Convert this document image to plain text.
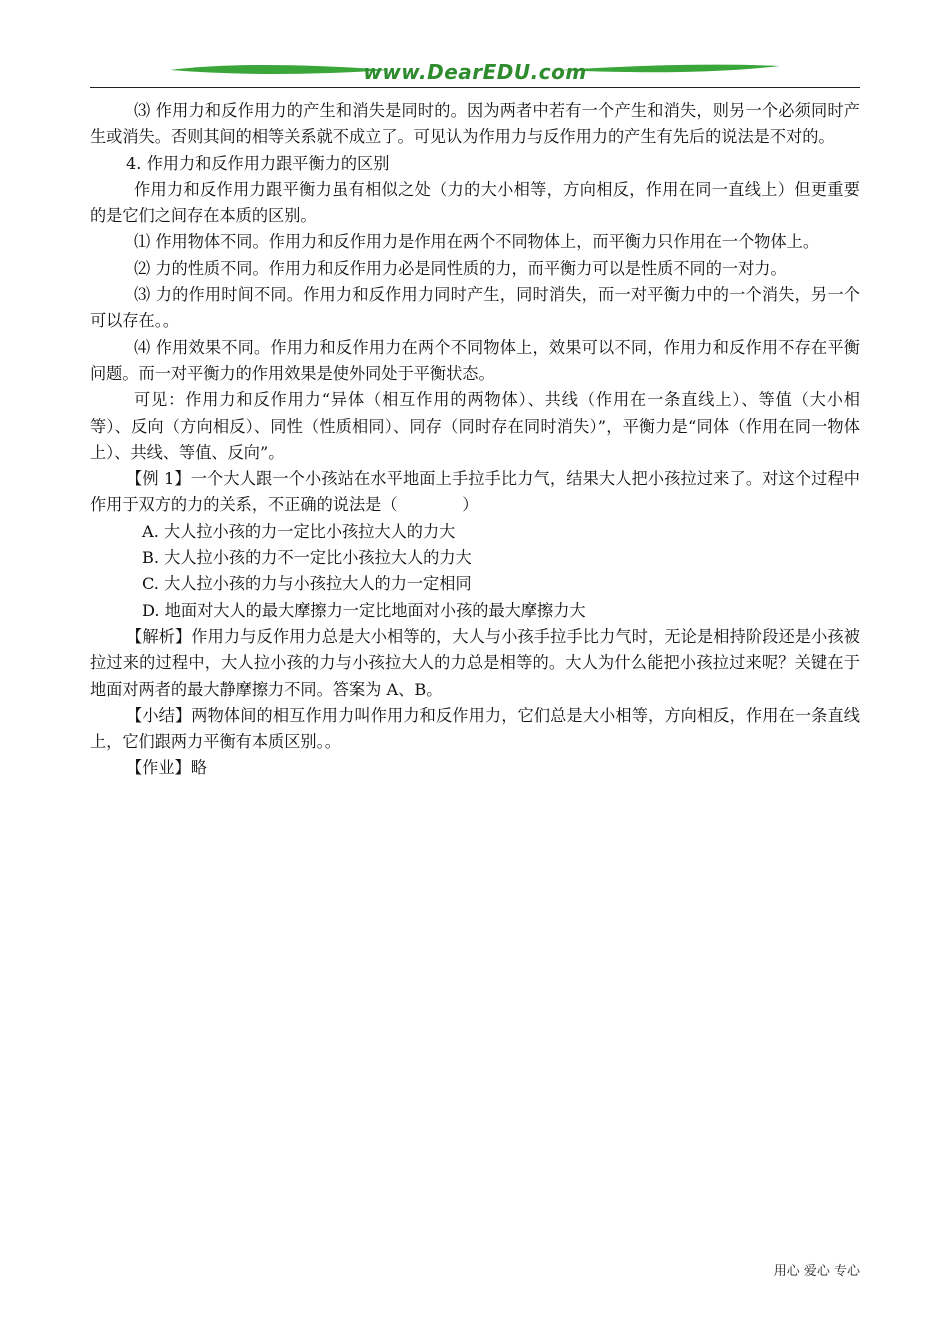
www.DearEDU.com

⑶ 作用力和反作用力的产生和消失是同时的。因为两者中若有一个产生和消失，则另一个必须同时产生或消失。否则其间的相等关系就不成立了。可见认为作用力与反作用力的产生有先后的说法是不对的。

4. 作用力和反作用力跟平衡力的区别

作用力和反作用力跟平衡力虽有相似之处（力的大小相等，方向相反，作用在同一直线上）但更重要的是它们之间存在本质的区别。

⑴ 作用物体不同。作用力和反作用力是作用在两个不同物体上，而平衡力只作用在一个物体上。

⑵ 力的性质不同。作用力和反作用力必是同性质的力，而平衡力可以是性质不同的一对力。

⑶ 力的作用时间不同。作用力和反作用力同时产生，同时消失，而一对平衡力中的一个消失，另一个可以存在。。

⑷ 作用效果不同。作用力和反作用力在两个不同物体上，效果可以不同，作用力和反作用不存在平衡问题。而一对平衡力的作用效果是使外同处于平衡状态。

可见：作用力和反作用力“异体（相互作用的两物体）、共线（作用在一条直线上）、等值（大小相等）、反向（方向相反）、同性（性质相同）、同存（同时存在同时消失）”，平衡力是“同体（作用在同一物体上）、共线、等值、反向”。

【例 1】一个大人跟一个小孩站在水平地面上手拉手比力气，结果大人把小孩拉过来了。对这个过程中作用于双方的力的关系，不正确的说法是（　　　　）

A. 大人拉小孩的力一定比小孩拉大人的力大

B. 大人拉小孩的力不一定比小孩拉大人的力大

C. 大人拉小孩的力与小孩拉大人的力一定相同

D. 地面对大人的最大摩擦力一定比地面对小孩的最大摩擦力大

【解析】作用力与反作用力总是大小相等的，大人与小孩手拉手比力气时，无论是相持阶段还是小孩被拉过来的过程中，大人拉小孩的力与小孩拉大人的力总是相等的。大人为什么能把小孩拉过来呢？关键在于地面对两者的最大静摩擦力不同。答案为 A、B。

【小结】两物体间的相互作用力叫作用力和反作用力，它们总是大小相等，方向相反，作用在一条直线上，它们跟两力平衡有本质区别。。

【作业】略

用心 爱心 专心
